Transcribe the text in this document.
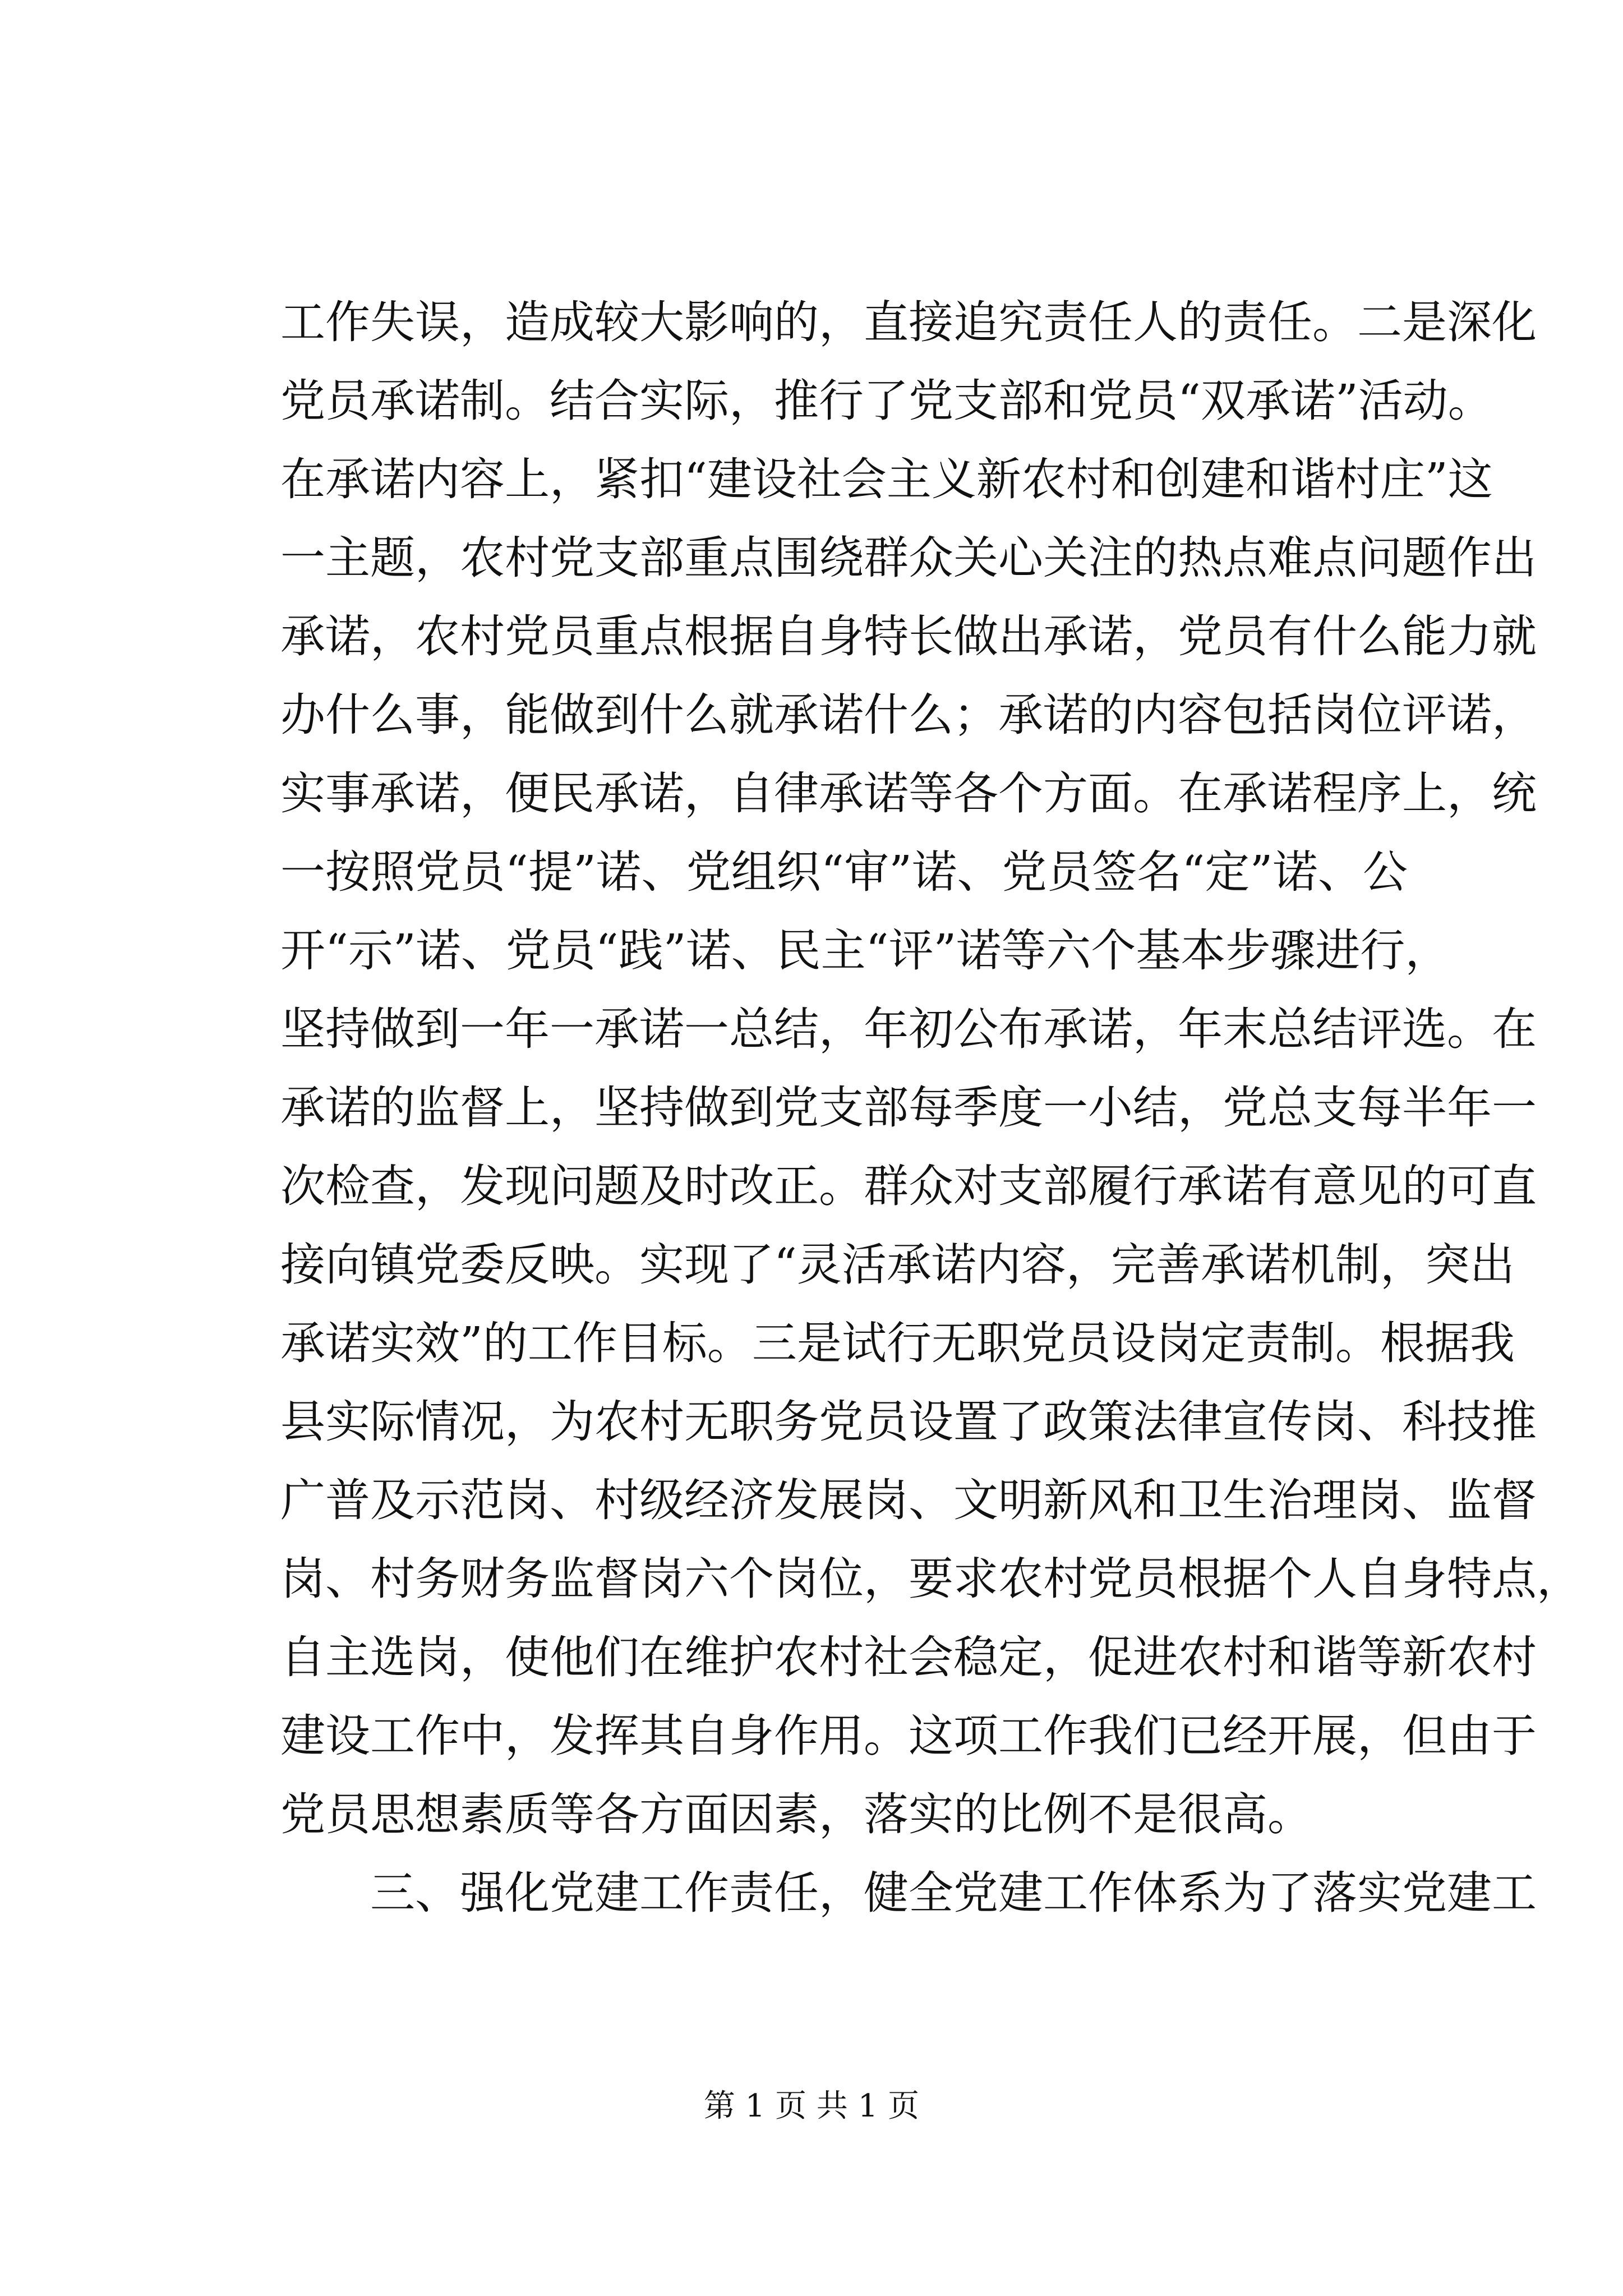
工作失误，造成较大影响的，直接追究责任人的责任。二是深化
党员承诺制。结合实际，推行了党支部和党员“双承诺”活动。
在承诺内容上，紧扣“建设社会主义新农村和创建和谐村庄”这
一主题，农村党支部重点围绕群众关心关注的热点难点问题作出
承诺，农村党员重点根据自身特长做出承诺，党员有什么能力就
办什么事，能做到什么就承诺什么；承诺的内容包括岗位评诺，
实事承诺，便民承诺，自律承诺等各个方面。在承诺程序上，统
一按照党员“提”诺、党组织“审”诺、党员签名“定”诺、公
开“示”诺、党员“践”诺、民主“评”诺等六个基本步骤进行，
坚持做到一年一承诺一总结，年初公布承诺，年末总结评选。在
承诺的监督上，坚持做到党支部每季度一小结，党总支每半年一
次检查，发现问题及时改正。群众对支部履行承诺有意见的可直
接向镇党委反映。实现了“灵活承诺内容，完善承诺机制，突出
承诺实效”的工作目标。三是试行无职党员设岗定责制。根据我
县实际情况，为农村无职务党员设置了政策法律宣传岗、科技推
广普及示范岗、村级经济发展岗、文明新风和卫生治理岗、监督
岗、村务财务监督岗六个岗位，要求农村党员根据个人自身特点，
自主选岗，使他们在维护农村社会稳定，促进农村和谐等新农村
建设工作中，发挥其自身作用。这项工作我们已经开展，但由于
党员思想素质等各方面因素，落实的比例不是很高。
三、强化党建工作责任，健全党建工作体系为了落实党建工
第 1 页 共 1 页
